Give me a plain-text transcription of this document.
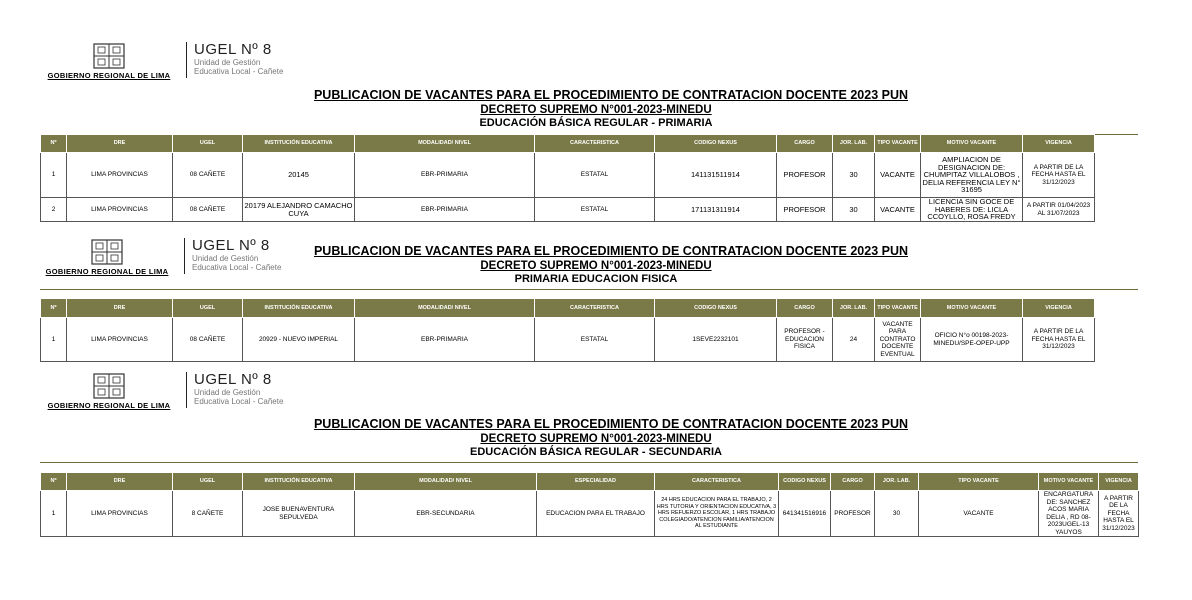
GOBIERNO REGIONAL DE LIMA
UGEL Nº 8
Unidad de Gestión
Educativa Local - Cañete
PUBLICACION DE VACANTES PARA EL PROCEDIMIENTO DE CONTRATACION DOCENTE 2023 PUN
DECRETO SUPREMO N°001-2023-MINEDU
EDUCACIÓN BÁSICA REGULAR - PRIMARIA
Nº	DRE	UGEL	INSTITUCIÓN EDUCATIVA	MODALIDAD/ NIVEL	CARACTERISTICA	CODIGO NEXUS	CARGO	JOR. LAB.	TIPO VACANTE	MOTIVO VACANTE	VIGENCIA
1	LIMA PROVINCIAS	08 CAÑETE	20145	EBR-PRIMARIA	ESTATAL	141131511914	PROFESOR	30	VACANTE	AMPLIACION DE DESIGNACION DE: CHUMPITAZ VILLALOBOS , DELIA REFERENCIA LEY N° 31695	A PARTIR DE LA FECHA HASTA EL 31/12/2023
2	LIMA PROVINCIAS	08 CAÑETE	20179 ALEJANDRO CAMACHO CUYA	EBR-PRIMARIA	ESTATAL	171131311914	PROFESOR	30	VACANTE	LICENCIA SIN GOCE DE HABERES DE: LICLA CCOYLLO, ROSA FREDY	A PARTIR 01/04/2023 AL 31/07/2023
GOBIERNO REGIONAL DE LIMA
UGEL Nº 8
Unidad de Gestión
Educativa Local - Cañete
PUBLICACION DE VACANTES PARA EL PROCEDIMIENTO DE CONTRATACION DOCENTE 2023 PUN
DECRETO SUPREMO N°001-2023-MINEDU
PRIMARIA EDUCACION FISICA
Nº	DRE	UGEL	INSTITUCIÓN EDUCATIVA	MODALIDAD/ NIVEL	CARACTERISTICA	CODIGO NEXUS	CARGO	JOR. LAB.	TIPO VACANTE	MOTIVO VACANTE	VIGENCIA
1	LIMA PROVINCIAS	08 CAÑETE	20929 - NUEVO IMPERIAL	EBR-PRIMARIA	ESTATAL	1SEVE2232101	PROFESOR - EDUCACION FISICA	24	VACANTE PARA CONTRATO DOCENTE EVENTUAL	OFICIO N°o 00198-2023-MINEDU/SPE-OPEP-UPP	A PARTIR DE LA FECHA HASTA EL 31/12/2023
GOBIERNO REGIONAL DE LIMA
UGEL Nº 8
Unidad de Gestión
Educativa Local - Cañete
PUBLICACION DE VACANTES PARA EL PROCEDIMIENTO DE CONTRATACION DOCENTE 2023 PUN
DECRETO SUPREMO N°001-2023-MINEDU
EDUCACIÓN BÁSICA REGULAR - SECUNDARIA
Nº	DRE	UGEL	INSTITUCIÓN EDUCATIVA	MODALIDAD/ NIVEL	ESPECIALIDAD	CARACTERISTICA	CODIGO NEXUS	CARGO	JOR. LAB.	TIPO VACANTE	MOTIVO VACANTE	VIGENCIA
1	LIMA PROVINCIAS	8 CAÑETE	JOSE BUENAVENTURA SEPULVEDA	EBR-SECUNDARIA	EDUCACION PARA EL TRABAJO	24 HRS EDUCACION PARA EL TRABAJO, 2 HRS TUTORIA Y ORIENTACION EDUCATIVA, 3 HRS REFUERZO ESCOLAR, 1 HRS TRABAJO COLEGIADO/ATENCION FAMILIA/ATENCION AL ESTUDIANTE	641341516916	PROFESOR	30	VACANTE	ENCARGATURA DE: SANCHEZ ACOS MARIA DELIA , RD 08-2023UGEL-13 YAUYOS	A PARTIR DE LA FECHA HASTA EL 31/12/2023
